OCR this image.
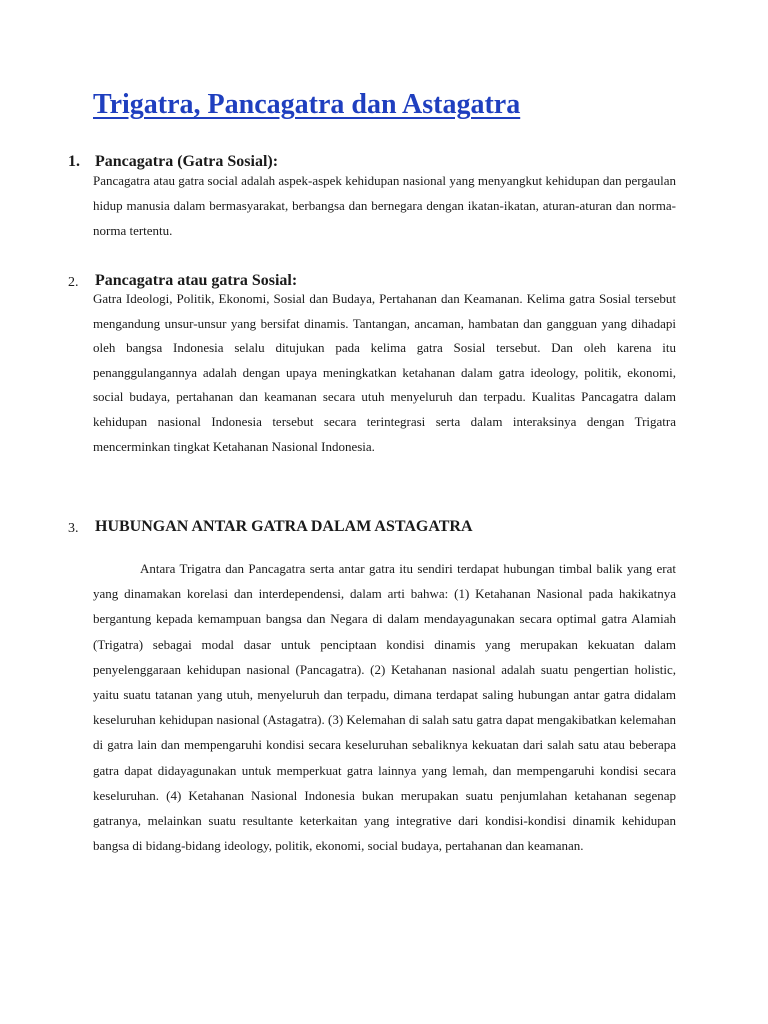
Trigatra, Pancagatra dan Astagatra
1. Pancagatra (Gatra Sosial):

Pancagatra atau gatra social adalah aspek-aspek kehidupan nasional yang menyangkut kehidupan dan pergaulan hidup manusia dalam bermasyarakat, berbangsa dan bernegara dengan ikatan-ikatan, aturan-aturan dan norma-norma tertentu.

2. Pancagatra atau gatra Sosial:

Gatra Ideologi, Politik, Ekonomi, Sosial dan Budaya, Pertahanan dan Keamanan. Kelima gatra Sosial tersebut mengandung unsur-unsur yang bersifat dinamis. Tantangan, ancaman, hambatan dan gangguan yang dihadapi oleh bangsa Indonesia selalu ditujukan pada kelima gatra Sosial tersebut. Dan oleh karena itu penanggulangannya adalah dengan upaya meningkatkan ketahanan dalam gatra ideology, politik, ekonomi, social budaya, pertahanan dan keamanan secara utuh menyeluruh dan terpadu. Kualitas Pancagatra dalam kehidupan nasional Indonesia tersebut secara terintegrasi serta dalam interaksinya dengan Trigatra mencerminkan tingkat Ketahanan Nasional Indonesia.

3. HUBUNGAN ANTAR GATRA DALAM ASTAGATRA

Antara Trigatra dan Pancagatra serta antar gatra itu sendiri terdapat hubungan timbal balik yang erat yang dinamakan korelasi dan interdependensi, dalam arti bahwa: (1) Ketahanan Nasional pada hakikatnya bergantung kepada kemampuan bangsa dan Negara di dalam mendayagunakan secara optimal gatra Alamiah (Trigatra) sebagai modal dasar untuk penciptaan kondisi dinamis yang merupakan kekuatan dalam penyelenggaraan kehidupan nasional (Pancagatra). (2) Ketahanan nasional adalah suatu pengertian holistic, yaitu suatu tatanan yang utuh, menyeluruh dan terpadu, dimana terdapat saling hubungan antar gatra didalam keseluruhan kehidupan nasional (Astagatra). (3) Kelemahan di salah satu gatra dapat mengakibatkan kelemahan di gatra lain dan mempengaruhi kondisi secara keseluruhan sebaliknya kekuatan dari salah satu atau beberapa gatra dapat didayagunakan untuk memperkuat gatra lainnya yang lemah, dan mempengaruhi kondisi secara keseluruhan. (4) Ketahanan Nasional Indonesia bukan merupakan suatu penjumlahan ketahanan segenap gatranya, melainkan suatu resultante keterkaitan yang integrative dari kondisi-kondisi dinamik kehidupan bangsa di bidang-bidang ideology, politik, ekonomi, social budaya, pertahanan dan keamanan.
